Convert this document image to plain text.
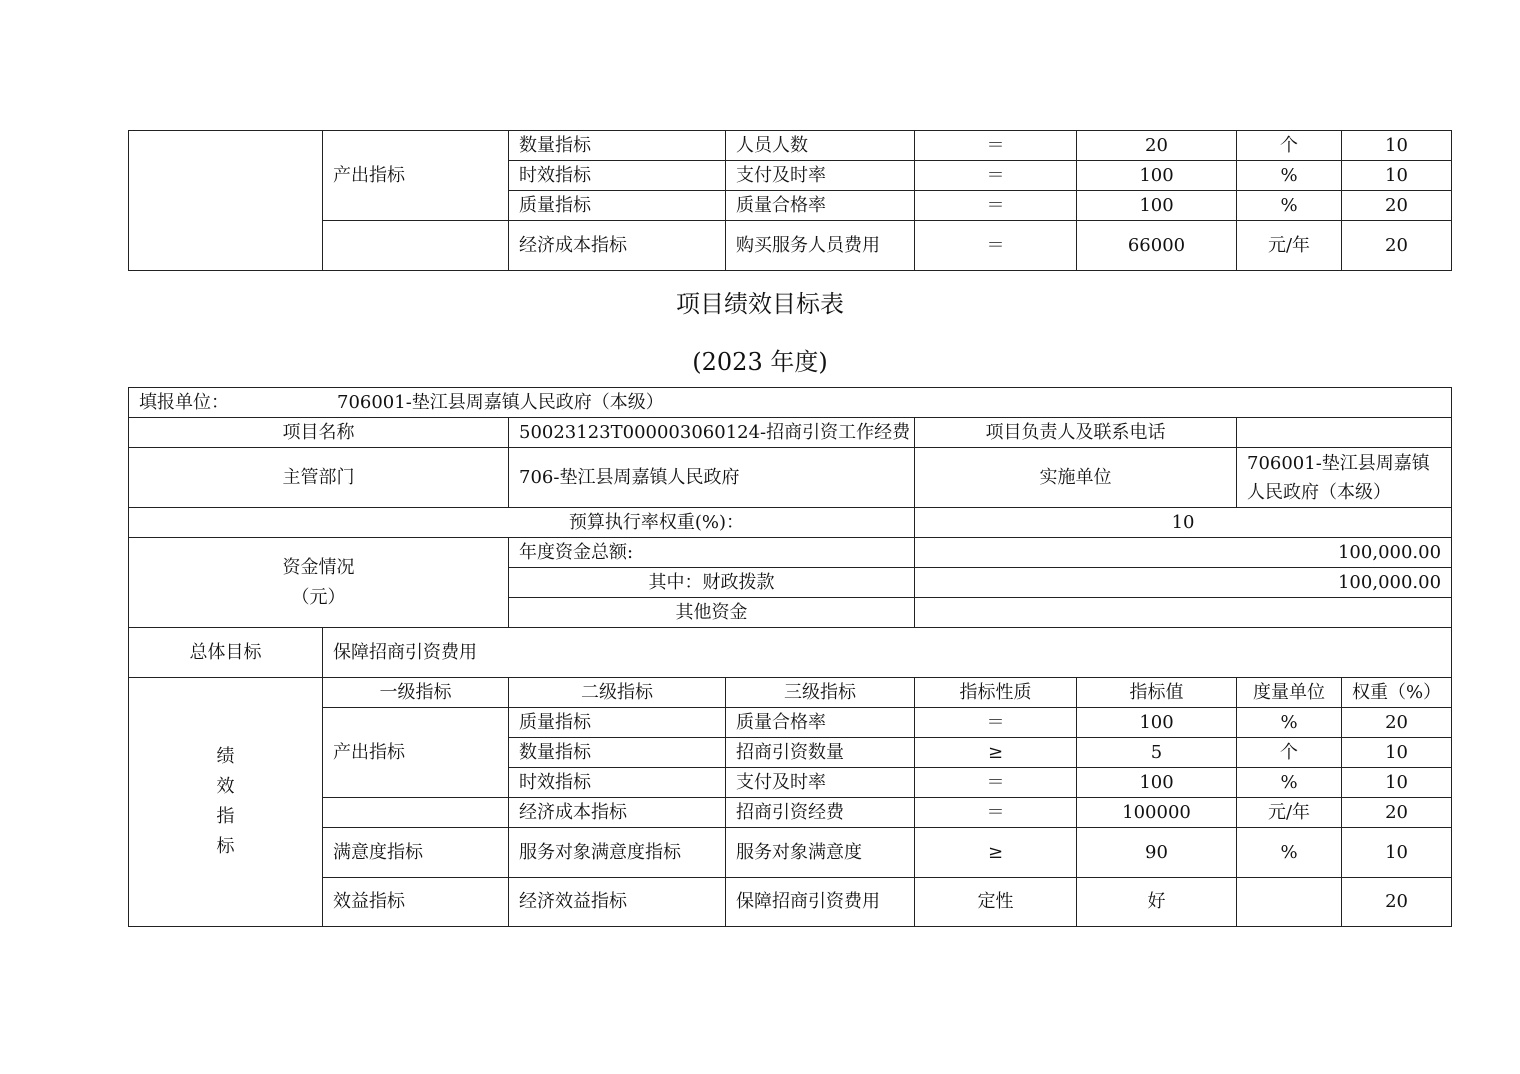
	产出指标	数量指标	人员人数	＝	20	个	10
		时效指标	支付及时率	＝	100	%	10
		质量指标	质量合格率	＝	100	%	20
		经济成本指标	购买服务人员费用	＝	66000	元/年	20
项目绩效目标表
(2023 年度)
填报单位： 706001-垫江县周嘉镇人民政府（本级）							
项目名称		50023123T000003060124-招商引资工作经费		项目负责人及联系电话			
主管部门		706-垫江县周嘉镇人民政府		实施单位		706001-垫江县周嘉镇人民政府（本级）	
预算执行率权重(%)：				10			

资金情况
（元）		年度资金总额:		100,000.00			
		其中：财政拨款		100,000.00			
		其他资金					
总体目标	保障招商引资费用						

绩
效
指
标	一级指标	二级指标	三级指标	指标性质	指标值	度量单位	权重（%）
	产出指标	质量指标	质量合格率	＝	100	%	20
		数量指标	招商引资数量	≥	5	个	10
		时效指标	支付及时率	＝	100	%	10
		经济成本指标	招商引资经费	＝	100000	元/年	20
	满意度指标	服务对象满意度指标	服务对象满意度	≥	90	%	10
	效益指标	经济效益指标	保障招商引资费用	定性	好		20
